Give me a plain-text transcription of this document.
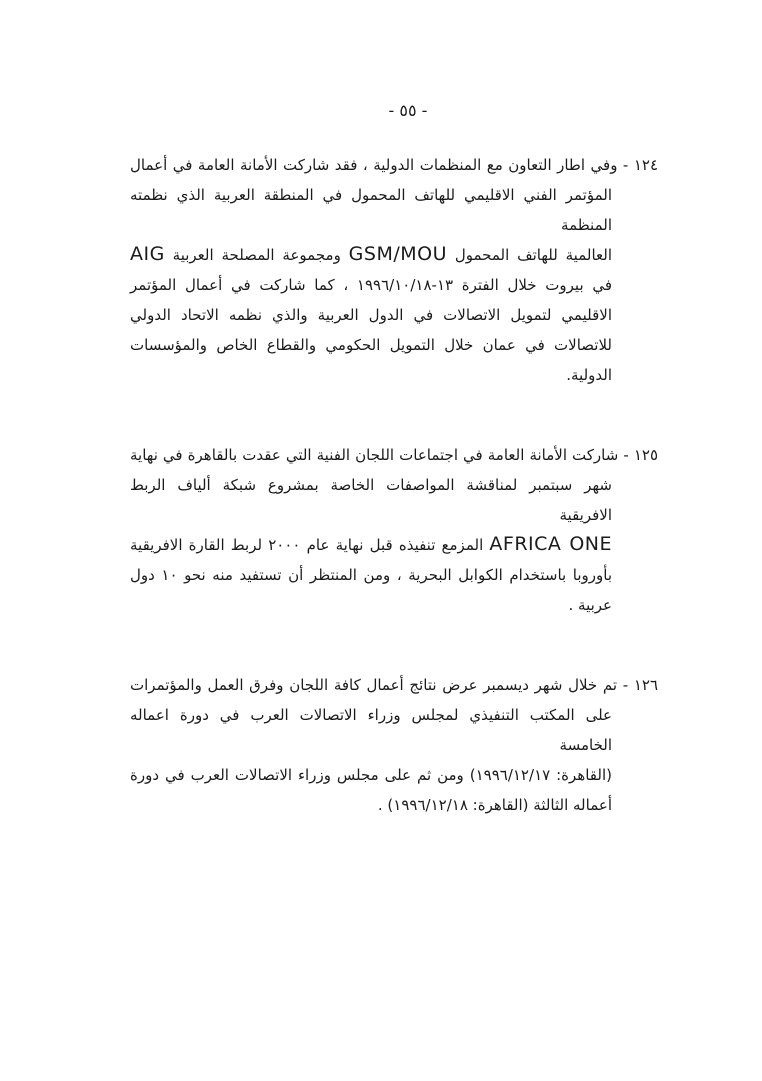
- ٥٥ -
١٢٤ - وفي اطار التعاون مع المنظمات الدولية ، فقد شاركت الأمانة العامة في أعمال
المؤتمر الفني الاقليمي للهاتف المحمول في المنطقة العربية الذي نظمته المنظمة
العالمية للهاتف المحمول GSM/MOU ومجموعة المصلحة العربية AIG
في بيروت خلال الفترة ١٣-١٨‏/‏١٠‏/‏١٩٩٦ ، كما شاركت في أعمال المؤتمر
الاقليمي لتمويل الاتصالات في الدول العربية والذي نظمه الاتحاد الدولي
للاتصالات في عمان خلال التمويل الحكومي والقطاع الخاص والمؤسسات
الدولية.
١٢٥ - شاركت الأمانة العامة في اجتماعات اللجان الفنية التي عقدت بالقاهرة في نهاية
شهر سبتمبر لمناقشة المواصفات الخاصة بمشروع شبكة ألياف الربط الافريقية
AFRICA ONE المزمع تنفيذه قبل نهاية عام ٢٠٠٠ لربط القارة الافريقية
بأوروبا باستخدام الكوابل البحرية ، ومن المنتظر أن تستفيد منه نحو ١٠ دول
عربية .
١٢٦ - تم خلال شهر ديسمبر عرض نتائج أعمال كافة اللجان وفرق العمل والمؤتمرات
على المكتب التنفيذي لمجلس وزراء الاتصالات العرب في دورة اعماله الخامسة
(القاهرة: ١٧‏/‏١٢‏/‏١٩٩٦) ومن ثم على مجلس وزراء الاتصالات العرب في دورة
أعماله الثالثة (القاهرة: ١٨‏/‏١٢‏/‏١٩٩٦) .
